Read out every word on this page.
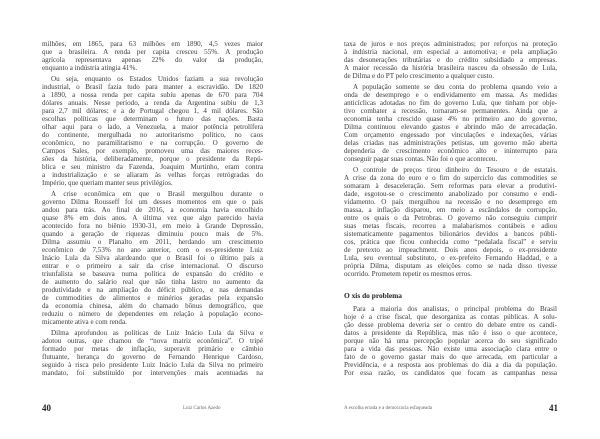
milhões, em 1865, para 63 milhões em 1890, 4,5 vezes maior
que a brasileira. A renda per capita cresceu 55%. A produção
agrícola representava apenas 22% do valor da produção,
enquanto a indústria atingia 41%.
Ou seja, enquanto os Estados Unidos faziam a sua revolução
industrial, o Brasil fazia tudo para manter a escravidão. De 1820
a 1890, a nossa renda per capita subiu apenas de 670 para 704
dólares anuais. Nesse período, a renda da Argentina subiu de 1,3
para 2,7 mil dólares; e a de Portugal chegou 1, 4 mil dólares. São
escolhas políticas que determinam o futuro das nações. Basta
olhar aqui para o lado, a Venezuela, a maior potência petrolífera
do continente, mergulhada no autoritarismo político, no caos
econômico, no paramilitarismo e na corrupção. O governo de
Campos Sales, por exemplo, promoveu uma das maiores reces-
sões da história, deliberadamente, porque o presidente da Repú-
blica e seu ministro da Fazenda, Joaquim Murtinho, eram contra
a industrialização e se aliaram às velhas forças retrógradas do
Império, que queriam manter seus privilégios.
A crise econômica em que o Brasil mergulhou durante o
governo Dilma Rousseff foi um desses momentos em que o país
andou para trás. Ao final de 2016, a economia havia encolhido
quase 8% em dois anos. A última vez que algo parecido havia
acontecido fora no biênio 1930-31, em meio à Grande Depressão,
quando a geração de riquezas diminuiu pouco mais de 5%.
Dilma assumiu o Planalto em 2011, herdando um crescimento
econômico de 7,53% no ano anterior, com o ex-presidente Luiz
Inácio Lula da Silva alardeando que o Brasil foi o último país a
entrar e o primeiro a sair da crise internacional. O discurso
triunfalista se baseava numa política de expansão do crédito e
de aumento do salário real que não tinha lastro no aumento da
produtividade e na ampliação do déficit público, e nas demandas
de commodities de alimentos e minérios geradas pela expansão
da economia chinesa, além do chamado bônus demográfico, que
reduziu o número de dependentes em relação à população econo-
micamente ativa e com renda.
Dilma aprofundou as políticas de Luiz Inácio Lula da Silva e
adotou outras, que chamou de “nova matriz econômica”. O tripé
formado por metas de inflação, superavit primário e câmbio
flutuante, herança do governo de Fernando Henrique Cardoso,
seguido à risca pelo presidente Luiz Inácio Lula da Silva no primeiro
mandato, foi substituído por intervenções mais acentuadas na
40	Luiz Carlos Azedo
taxa de juros e nos preços administrados; por reforços na proteção
à indústria nacional, em especial a automotiva; e pela ampliação
das desonerações tributárias e do crédito subsidiado a empresas.
A maior recessão da história brasileira nasceu da obsessão de Lula,
de Dilma e do PT pelo crescimento a qualquer custo.
A população somente se deu conta do problema quando veio a
onda de desemprego e o endividamento em massa. As medidas
anticíclicas adotadas no fim do governo Lula, que tinham por obje-
tivo combater a recessão, tornaram-se permanentes. Ainda que a
economia tenha crescido quase 4% no primeiro ano do governo,
Dilma continuou elevando gastos e abrindo mão de arrecadação.
Com orçamento engessado por vinculações e indexações, várias
delas criadas nas administrações petistas, um governo mão aberta
dependeria de crescimento econômico alto e ininterrupto para
conseguir pagar suas contas. Não foi o que aconteceu.
O controle de preços tirou dinheiro do Tesouro e de estatais.
A crise da zona do euro e o fim do superciclo das commodities se
somaram à desaceleração. Sem reformas para elevar a produtivi-
dade, esgotou-se o crescimento anabolizado por consumo e endi-
vidamento. O país mergulhou na recessão e no desemprego em
massa, a inflação disparou, em meio a escândalos de corrupção,
entre os quais o da Petrobras. O governo não conseguiu cumprir
suas metas fiscais, recorreu a malabarismos contábeis e adiou
sistematicamente pagamentos bilionários devidos a bancos públi-
cos, prática que ficou conhecida como “pedalada fiscal” e serviu
de pretexto ao impeachment. Dois anos depois, o ex-presidente
Lula, seu eventual substituto, o ex-prefeito Fernando Haddad, e a
própria Dilma, disputam as eleições como se nada disso tivesse
ocorrido. Prometem repetir os mesmos erros.
O xis do problema
Para a maioria dos analistas, o principal problema do Brasil
hoje é a crise fiscal, que desorganiza as contas públicas. A solu-
ção desse problema deveria ser o centro do debate entre os candi-
datos a presidente da República, mas não é isso o que acontece,
porque não há uma percepção popular acerca do seu significado
para a vida das pessoas. Não existe uma associação clara entre o
fato de o governo gastar mais do que arrecada, em particular a
Previdência, e a resposta aos problemas do dia a dia da população.
Por essa razão, os candidatos que focam as campanhas nessa
A escolha errada e a democracia esfaqueada	41
